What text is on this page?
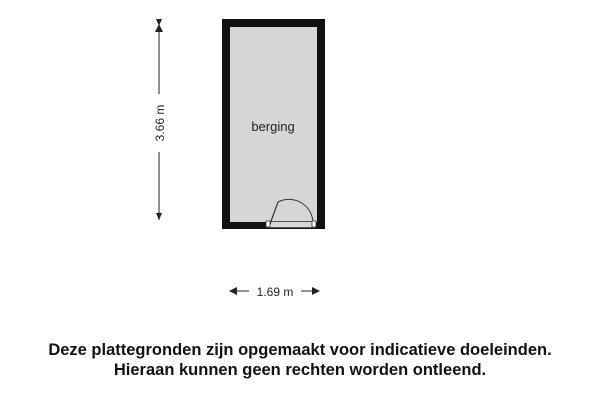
berging
3.66 m
1.69 m
Deze plattegronden zijn opgemaakt voor indicatieve doeleinden.
Hieraan kunnen geen rechten worden ontleend.
